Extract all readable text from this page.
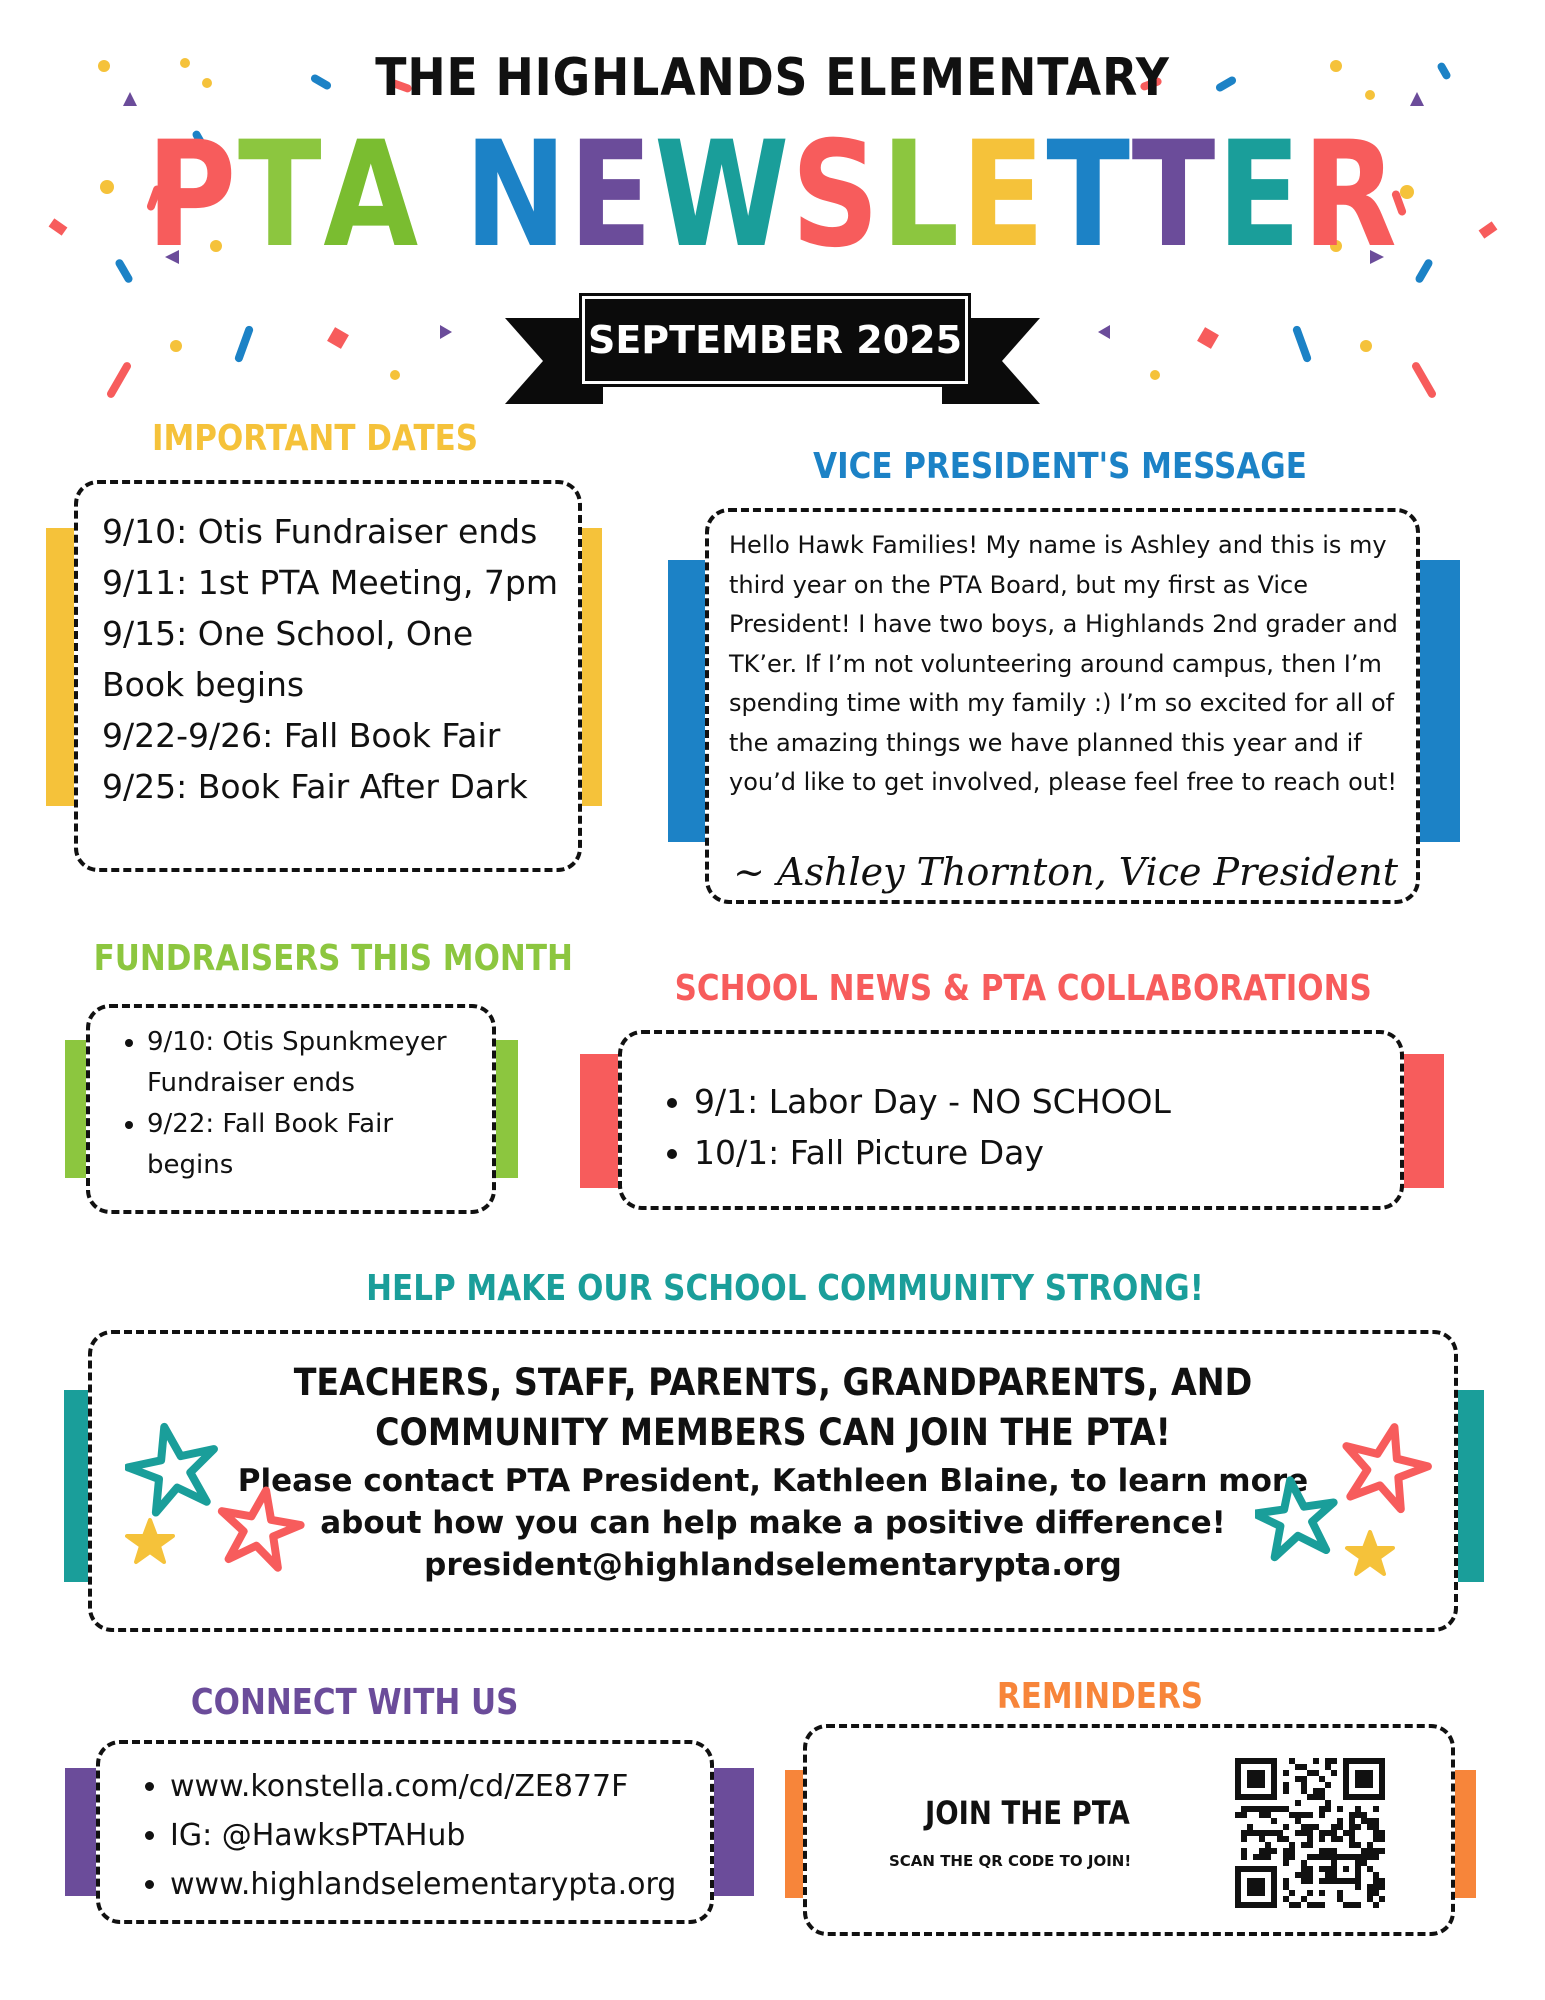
THE HIGHLANDS ELEMENTARY
PTA NEWSLETTER
SEPTEMBER 2025
IMPORTANT DATES
9/10: Otis Fundraiser ends
9/11: 1st PTA Meeting, 7pm
9/15: One School, One Book begins
9/22-9/26: Fall Book Fair
9/25: Book Fair After Dark
VICE PRESIDENT'S MESSAGE
Hello Hawk Families! My name is Ashley and this is my third year on the PTA Board, but my first as Vice President! I have two boys, a Highlands 2nd grader and TK’er. If I’m not volunteering around campus, then I’m spending time with my family :) I’m so excited for all of the amazing things we have planned this year and if you’d like to get involved, please feel free to reach out!
~ Ashley Thornton, Vice President
FUNDRAISERS THIS MONTH
• 9/10: Otis Spunkmeyer Fundraiser ends
• 9/22: Fall Book Fair begins
SCHOOL NEWS & PTA COLLABORATIONS
• 9/1: Labor Day - NO SCHOOL
• 10/1: Fall Picture Day
HELP MAKE OUR SCHOOL COMMUNITY STRONG!
TEACHERS, STAFF, PARENTS, GRANDPARENTS, AND
COMMUNITY MEMBERS CAN JOIN THE PTA!
Please contact PTA President, Kathleen Blaine, to learn more
about how you can help make a positive difference!
president@highlandselementarypta.org
CONNECT WITH US
• www.konstella.com/cd/ZE877F
• IG: @HawksPTAHub
• www.highlandselementarypta.org
REMINDERS
JOIN THE PTA
SCAN THE QR CODE TO JOIN!
